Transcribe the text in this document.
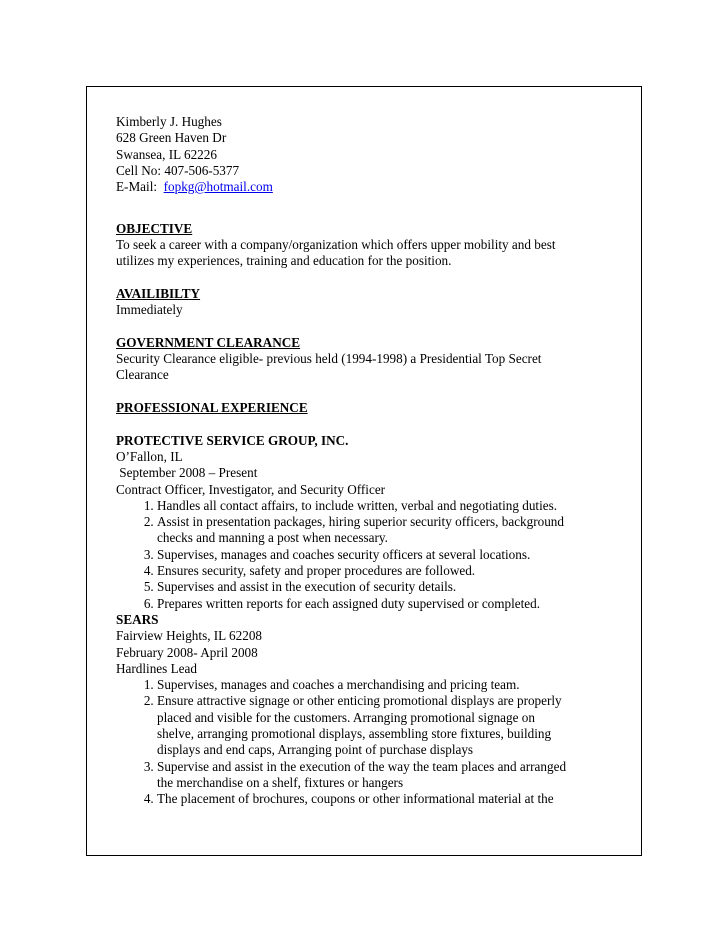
Kimberly J. Hughes
628 Green Haven Dr
Swansea, IL 62226
Cell No: 407-506-5377
E-Mail:  fopkg@hotmail.com
OBJECTIVE
To seek a career with a company/organization which offers upper mobility and best
utilizes my experiences, training and education for the position.
AVAILIBILTY
Immediately
GOVERNMENT CLEARANCE
Security Clearance eligible- previous held (1994-1998) a Presidential Top Secret
Clearance
PROFESSIONAL EXPERIENCE
PROTECTIVE SERVICE GROUP, INC.
O’Fallon, IL
September 2008 – Present
Contract Officer, Investigator, and Security Officer
1. Handles all contact affairs, to include written, verbal and negotiating duties.
2. Assist in presentation packages, hiring superior security officers, background
checks and manning a post when necessary.
3. Supervises, manages and coaches security officers at several locations.
4. Ensures security, safety and proper procedures are followed.
5. Supervises and assist in the execution of security details.
6. Prepares written reports for each assigned duty supervised or completed.
SEARS
Fairview Heights, IL 62208
February 2008- April 2008
Hardlines Lead
1. Supervises, manages and coaches a merchandising and pricing team.
2. Ensure attractive signage or other enticing promotional displays are properly
placed and visible for the customers. Arranging promotional signage on
shelve, arranging promotional displays, assembling store fixtures, building
displays and end caps, Arranging point of purchase displays
3. Supervise and assist in the execution of the way the team places and arranged
the merchandise on a shelf, fixtures or hangers
4. The placement of brochures, coupons or other informational material at the
